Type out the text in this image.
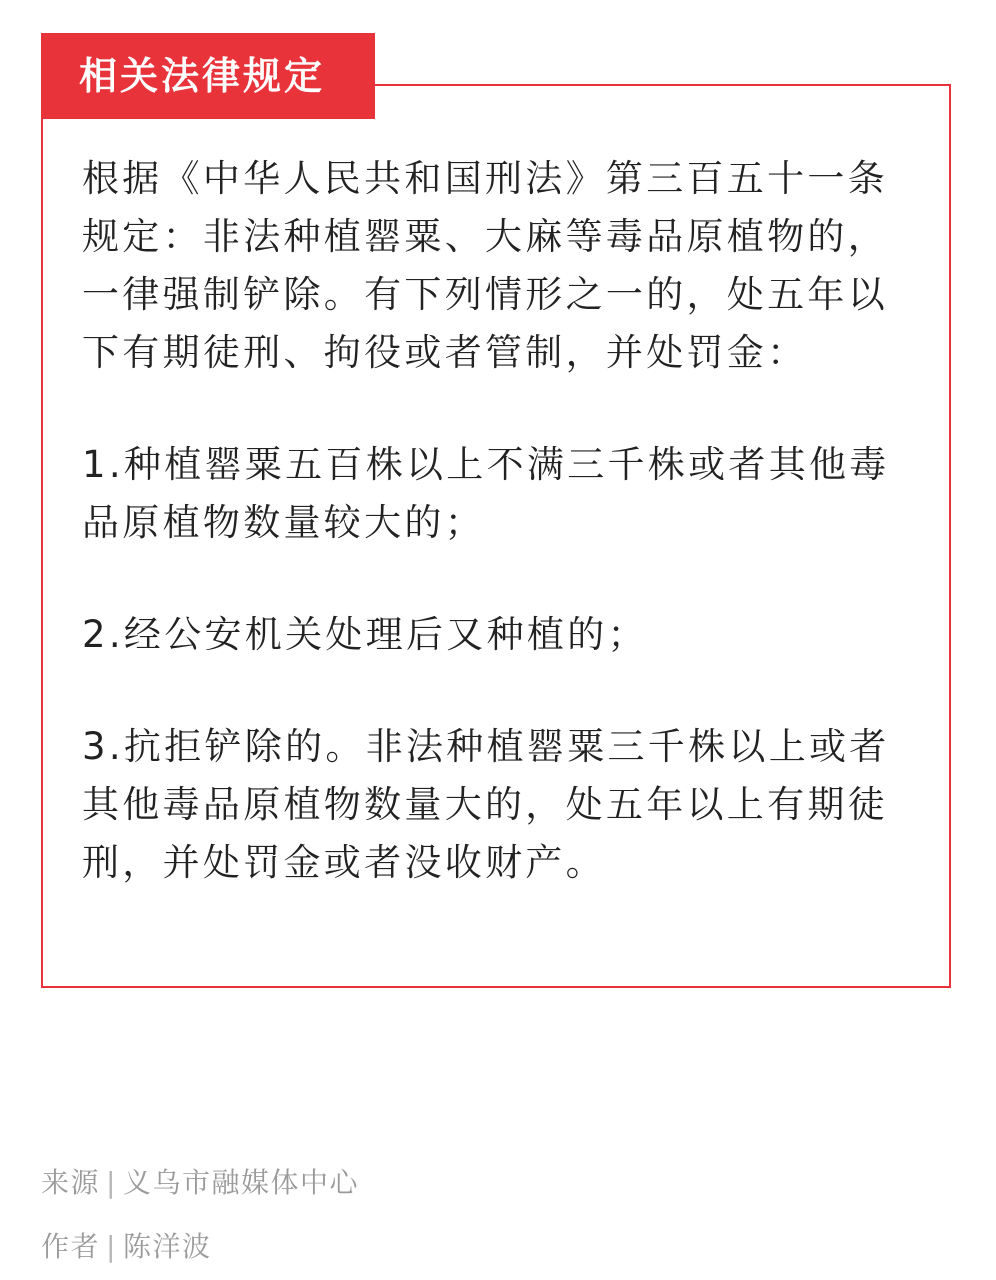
相关法律规定

根据《中华人民共和国刑法》第三百五十一条规定：非法种植罂粟、大麻等毒品原植物的，一律强制铲除。有下列情形之一的，处五年以下有期徒刑、拘役或者管制，并处罚金：

1.种植罂粟五百株以上不满三千株或者其他毒品原植物数量较大的；

2.经公安机关处理后又种植的；

3.抗拒铲除的。非法种植罂粟三千株以上或者其他毒品原植物数量大的，处五年以上有期徒刑，并处罚金或者没收财产。

来源 | 义乌市融媒体中心
作者 | 陈洋波
